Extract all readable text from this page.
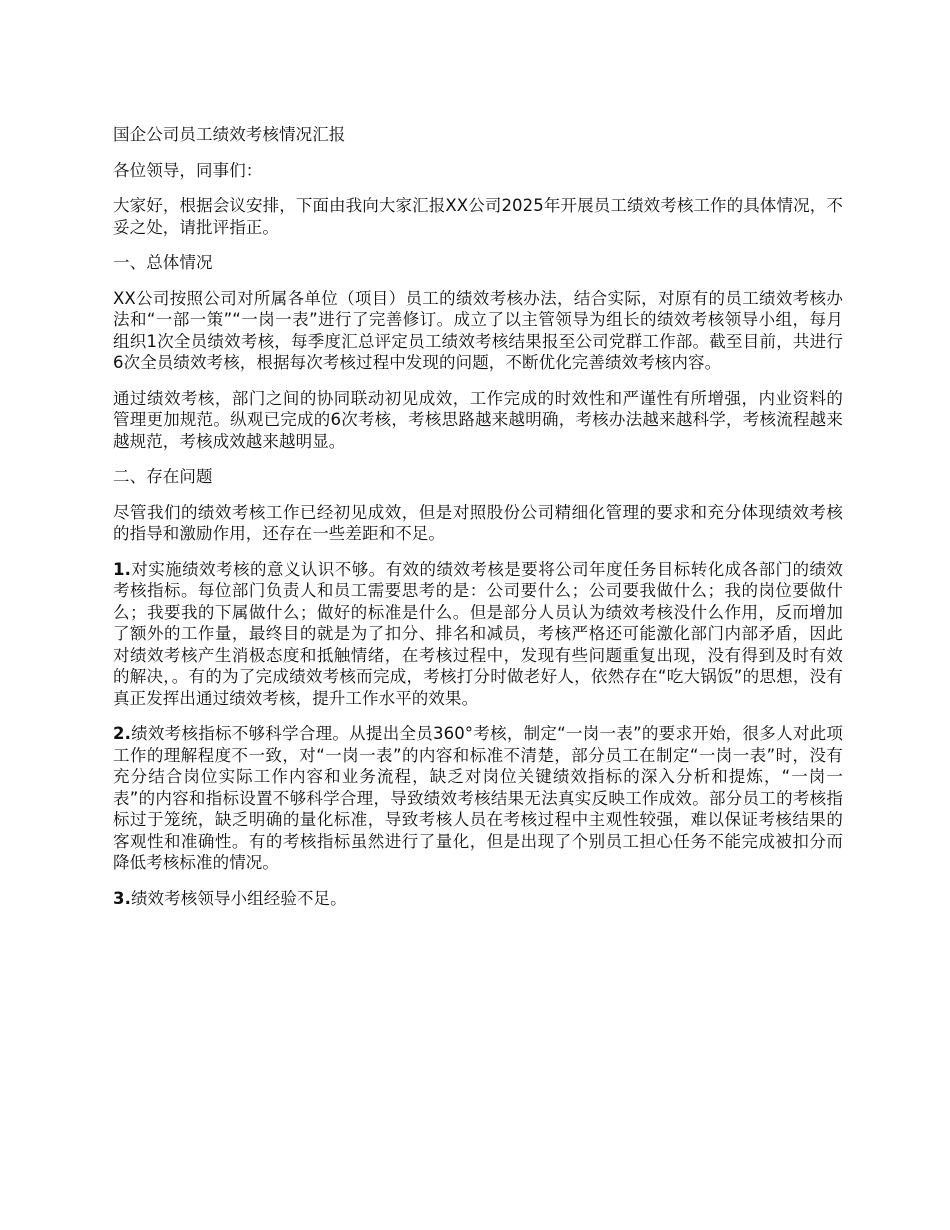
国企公司员工绩效考核情况汇报

各位领导，同事们：

大家好，根据会议安排，下面由我向大家汇报XX公司2025年开展员工绩效考核工作的具体情况，不妥之处，请批评指正。

一、总体情况

XX公司按照公司对所属各单位（项目）员工的绩效考核办法，结合实际，对原有的员工绩效考核办法和“一部一策”“一岗一表”进行了完善修订。成立了以主管领导为组长的绩效考核领导小组，每月组织1次全员绩效考核，每季度汇总评定员工绩效考核结果报至公司党群工作部。截至目前，共进行6次全员绩效考核，根据每次考核过程中发现的问题，不断优化完善绩效考核内容。

通过绩效考核，部门之间的协同联动初见成效，工作完成的时效性和严谨性有所增强，内业资料的管理更加规范。纵观已完成的6次考核，考核思路越来越明确，考核办法越来越科学，考核流程越来越规范，考核成效越来越明显。

二、存在问题

尽管我们的绩效考核工作已经初见成效，但是对照股份公司精细化管理的要求和充分体现绩效考核的指导和激励作用，还存在一些差距和不足。

1.对实施绩效考核的意义认识不够。有效的绩效考核是要将公司年度任务目标转化成各部门的绩效考核指标。每位部门负责人和员工需要思考的是：公司要什么；公司要我做什么；我的岗位要做什么；我要我的下属做什么；做好的标准是什么。但是部分人员认为绩效考核没什么作用，反而增加了额外的工作量，最终目的就是为了扣分、排名和减员，考核严格还可能激化部门内部矛盾，因此对绩效考核产生消极态度和抵触情绪，在考核过程中，发现有些问题重复出现，没有得到及时有效的解决，。有的为了完成绩效考核而完成，考核打分时做老好人，依然存在“吃大锅饭”的思想，没有真正发挥出通过绩效考核，提升工作水平的效果。

2.绩效考核指标不够科学合理。从提出全员360°考核，制定“一岗一表”的要求开始，很多人对此项工作的理解程度不一致，对“一岗一表”的内容和标准不清楚，部分员工在制定“一岗一表”时，没有充分结合岗位实际工作内容和业务流程，缺乏对岗位关键绩效指标的深入分析和提炼，“一岗一表”的内容和指标设置不够科学合理，导致绩效考核结果无法真实反映工作成效。部分员工的考核指标过于笼统，缺乏明确的量化标准，导致考核人员在考核过程中主观性较强，难以保证考核结果的客观性和准确性。有的考核指标虽然进行了量化，但是出现了个别员工担心任务不能完成被扣分而降低考核标准的情况。

3.绩效考核领导小组经验不足。
